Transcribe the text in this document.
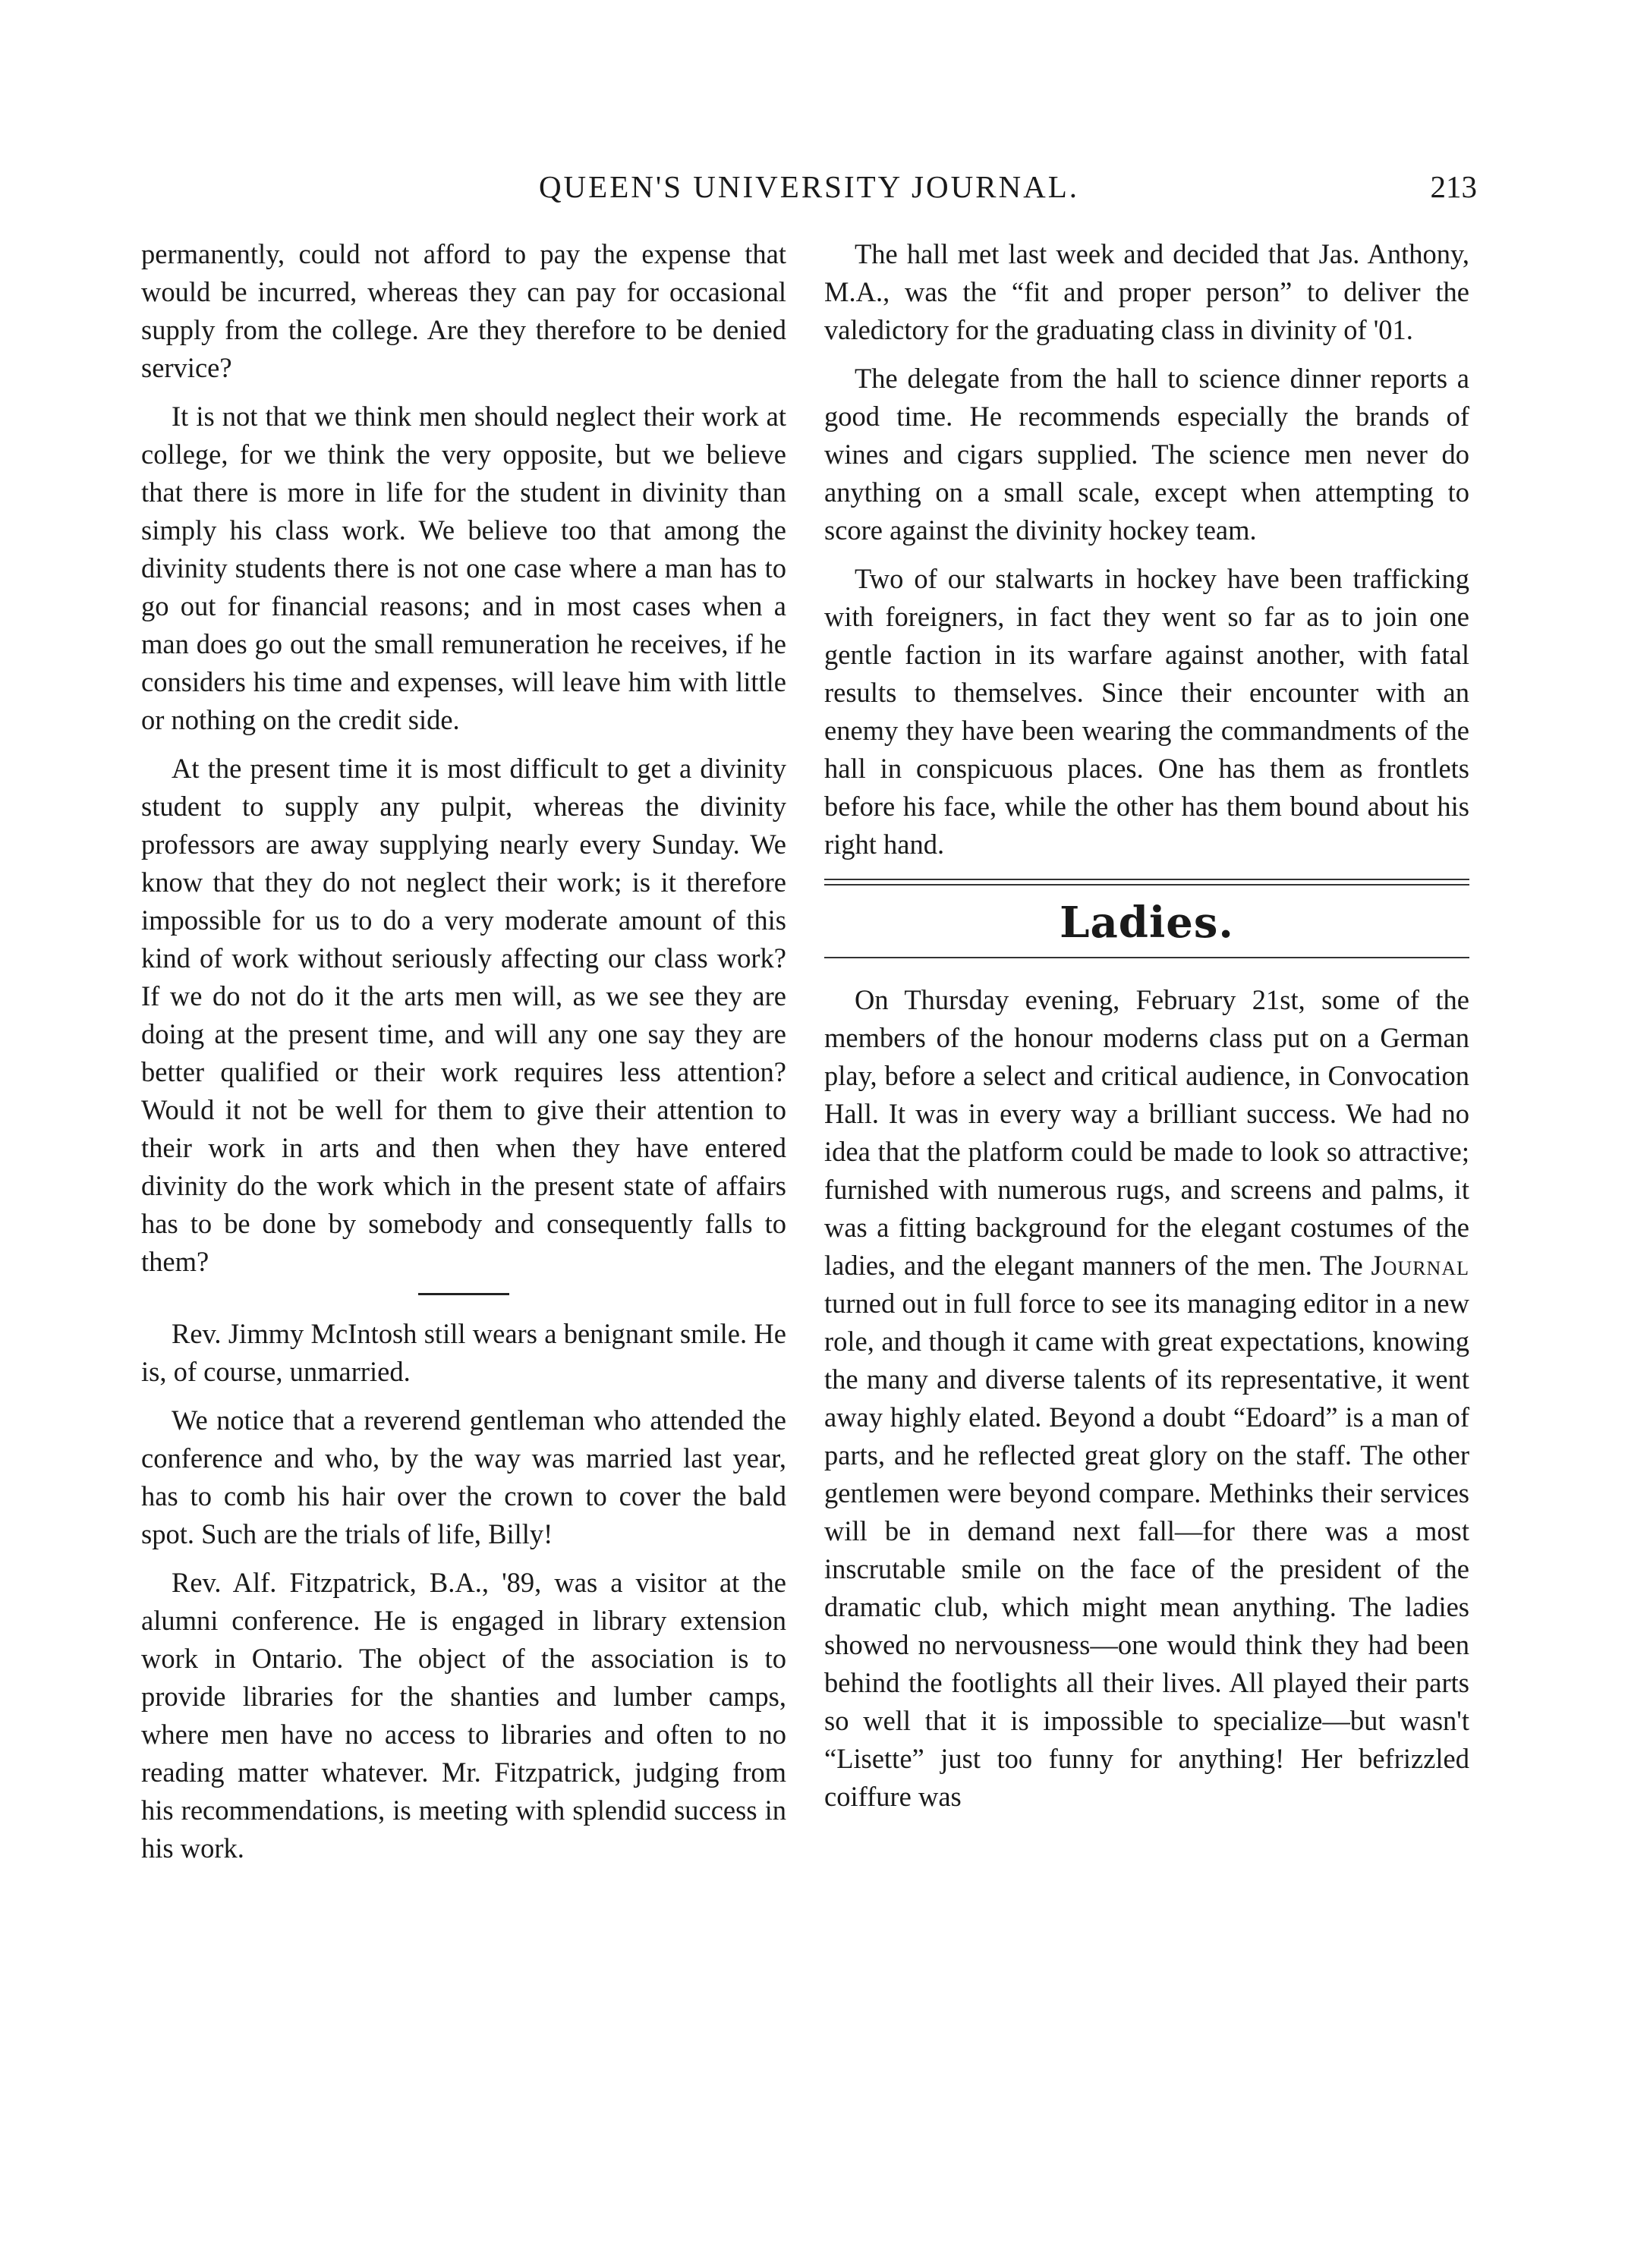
QUEEN'S UNIVERSITY JOURNAL.	213

permanently, could not afford to pay the expense that would be incurred, whereas they can pay for occasional supply from the college. Are they therefore to be denied service?

It is not that we think men should neglect their work at college, for we think the very opposite, but we believe that there is more in life for the student in divinity than simply his class work. We believe too that among the divinity students there is not one case where a man has to go out for financial reasons; and in most cases when a man does go out the small remuneration he receives, if he considers his time and expenses, will leave him with little or nothing on the credit side.

At the present time it is most difficult to get a divinity student to supply any pulpit, whereas the divinity professors are away supplying nearly every Sunday. We know that they do not neglect their work; is it therefore impossible for us to do a very moderate amount of this kind of work without seriously affecting our class work? If we do not do it the arts men will, as we see they are doing at the present time, and will any one say they are better qualified or their work requires less attention? Would it not be well for them to give their attention to their work in arts and then when they have entered divinity do the work which in the present state of affairs has to be done by somebody and consequently falls to them?

Rev. Jimmy McIntosh still wears a benignant smile. He is, of course, unmarried.

We notice that a reverend gentleman who attended the conference and who, by the way was married last year, has to comb his hair over the crown to cover the bald spot. Such are the trials of life, Billy!

Rev. Alf. Fitzpatrick, B.A., '89, was a visitor at the alumni conference. He is engaged in library extension work in Ontario. The object of the association is to provide libraries for the shanties and lumber camps, where men have no access to libraries and often to no reading matter whatever. Mr. Fitzpatrick, judging from his recommendations, is meeting with splendid success in his work.

The hall met last week and decided that Jas. Anthony, M.A., was the “fit and proper person” to deliver the valedictory for the graduating class in divinity of '01.

The delegate from the hall to science dinner reports a good time. He recommends especially the brands of wines and cigars supplied. The science men never do anything on a small scale, except when attempting to score against the divinity hockey team.

Two of our stalwarts in hockey have been trafficking with foreigners, in fact they went so far as to join one gentle faction in its warfare against another, with fatal results to themselves. Since their encounter with an enemy they have been wearing the commandments of the hall in conspicuous places. One has them as frontlets before his face, while the other has them bound about his right hand.

Ladies.

On Thursday evening, February 21st, some of the members of the honour moderns class put on a German play, before a select and critical audience, in Convocation Hall. It was in every way a brilliant success. We had no idea that the platform could be made to look so attractive; furnished with numerous rugs, and screens and palms, it was a fitting background for the elegant costumes of the ladies, and the elegant manners of the men. The Journal turned out in full force to see its managing editor in a new role, and though it came with great expectations, knowing the many and diverse talents of its representative, it went away highly elated. Beyond a doubt “Edoard” is a man of parts, and he reflected great glory on the staff. The other gentlemen were beyond compare. Methinks their services will be in demand next fall—for there was a most inscrutable smile on the face of the president of the dramatic club, which might mean anything. The ladies showed no nervousness—one would think they had been behind the footlights all their lives. All played their parts so well that it is impossible to specialize—but wasn't “Lisette” just too funny for anything! Her befrizzled coiffure was
